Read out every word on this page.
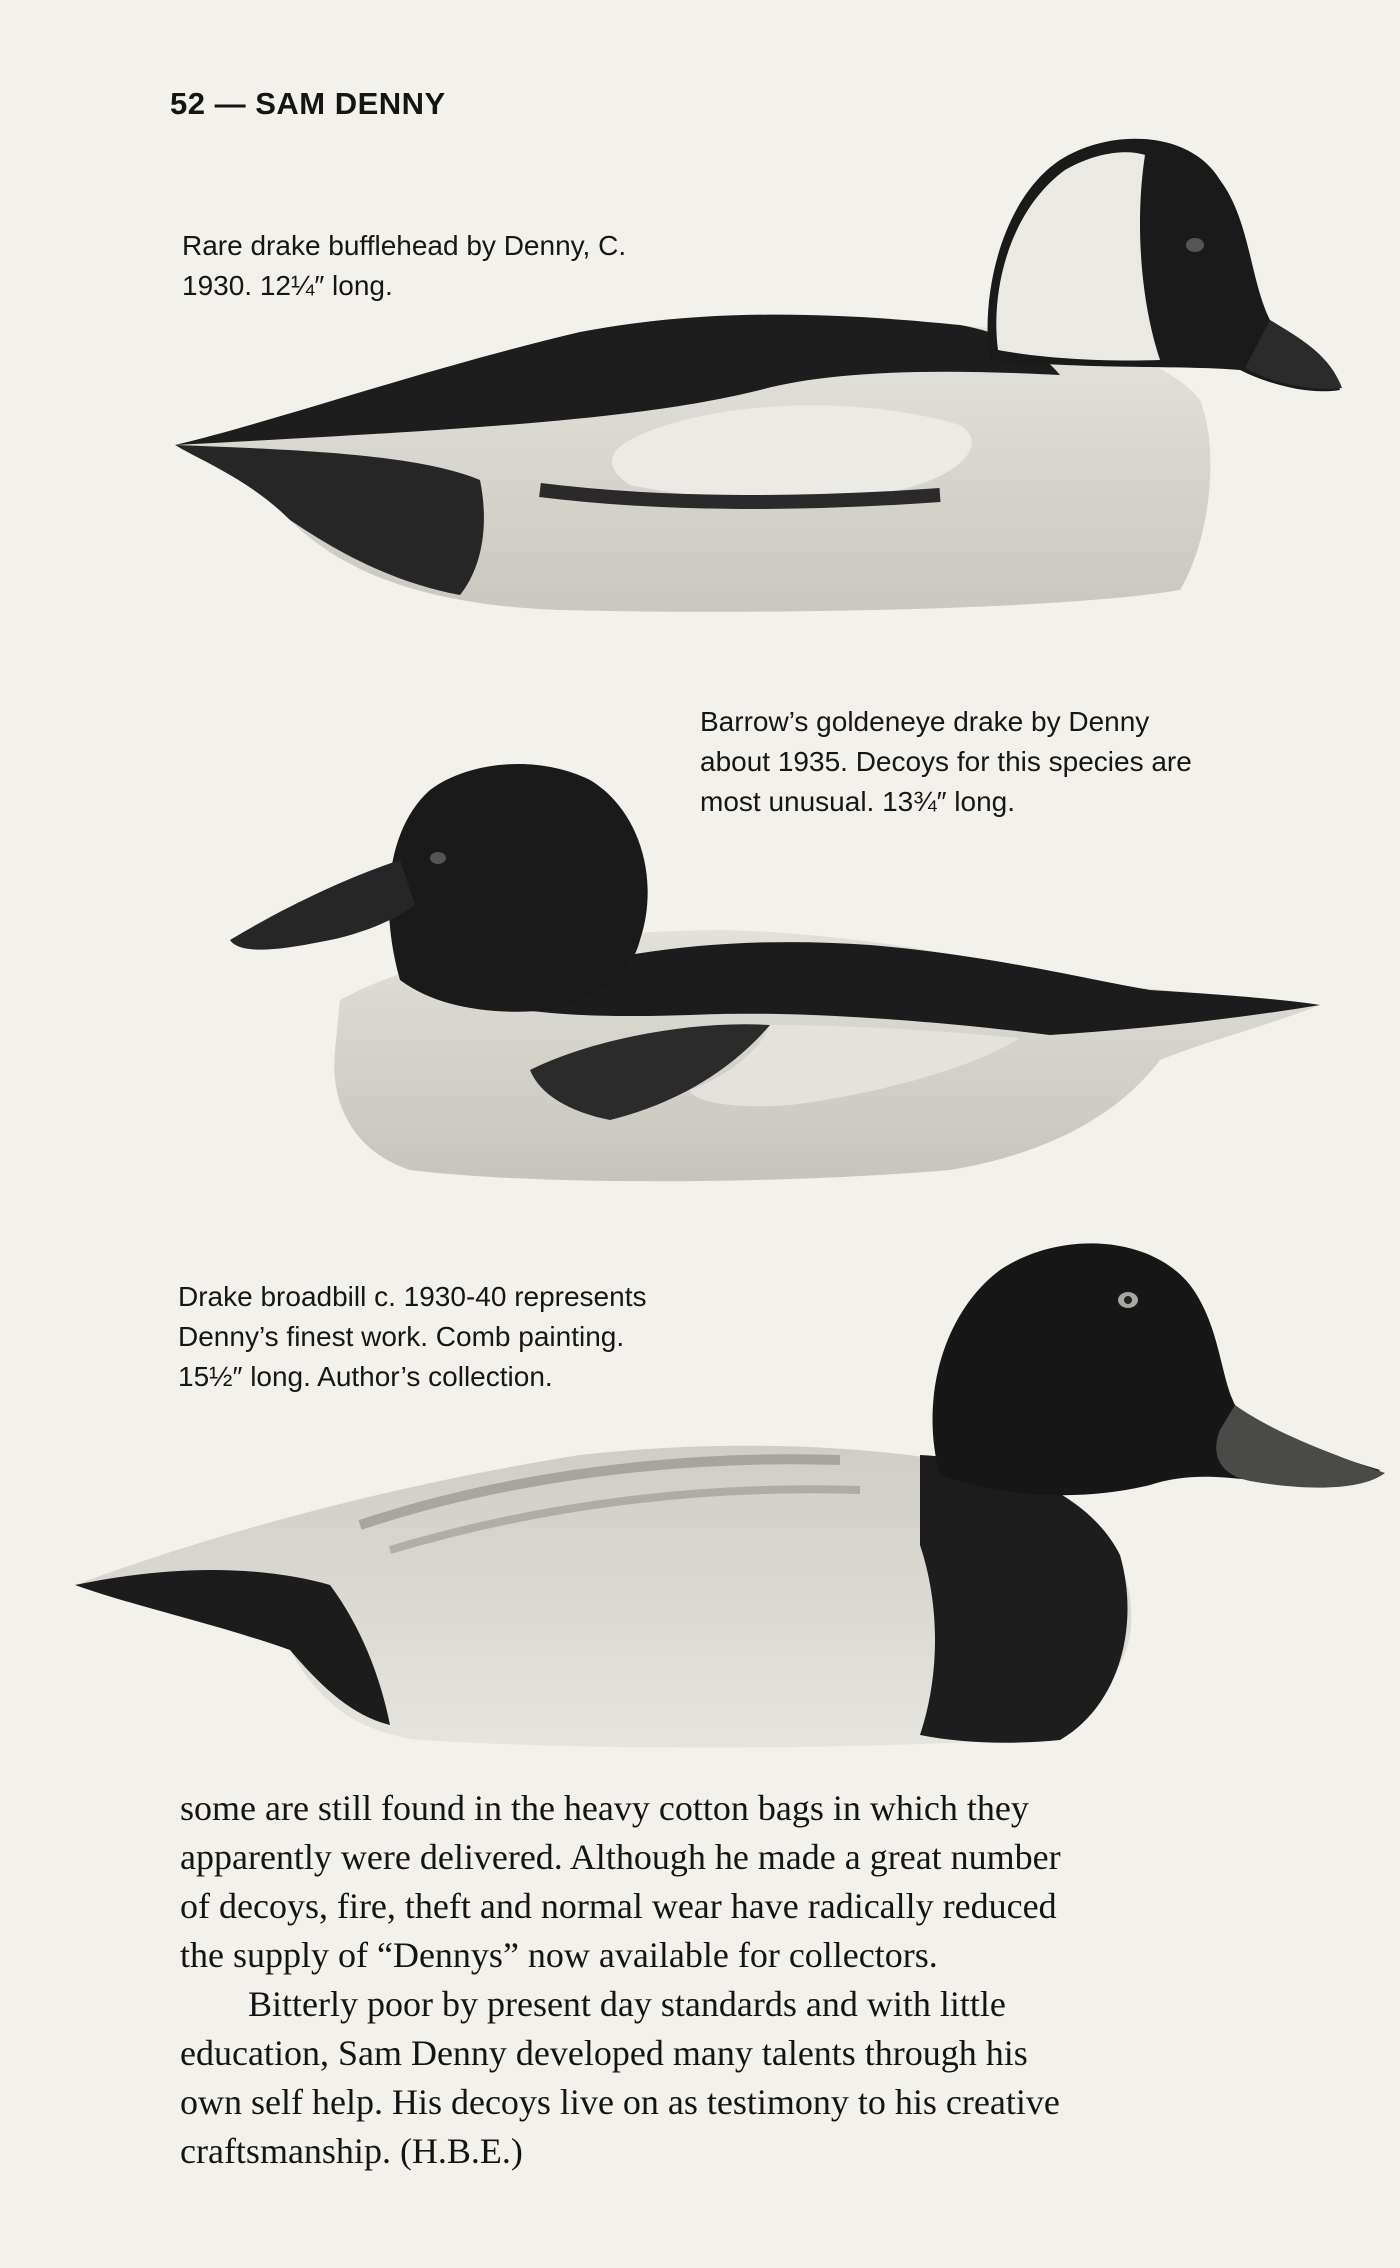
52 — SAM DENNY
Rare drake bufflehead by Denny, C.
1930. 12¼″ long.
Barrow’s goldeneye drake by Denny
about 1935. Decoys for this species are
most unusual. 13¾″ long.
Drake broadbill c. 1930-40 represents
Denny’s finest work. Comb painting.
15½″ long. Author’s collection.
some are still found in the heavy cotton bags in which they
apparently were delivered. Although he made a great number
of decoys, fire, theft and normal wear have radically reduced
the supply of “Dennys” now available for collectors.
Bitterly poor by present day standards and with little
education, Sam Denny developed many talents through his
own self help. His decoys live on as testimony to his creative
craftsmanship. (H.B.E.)
